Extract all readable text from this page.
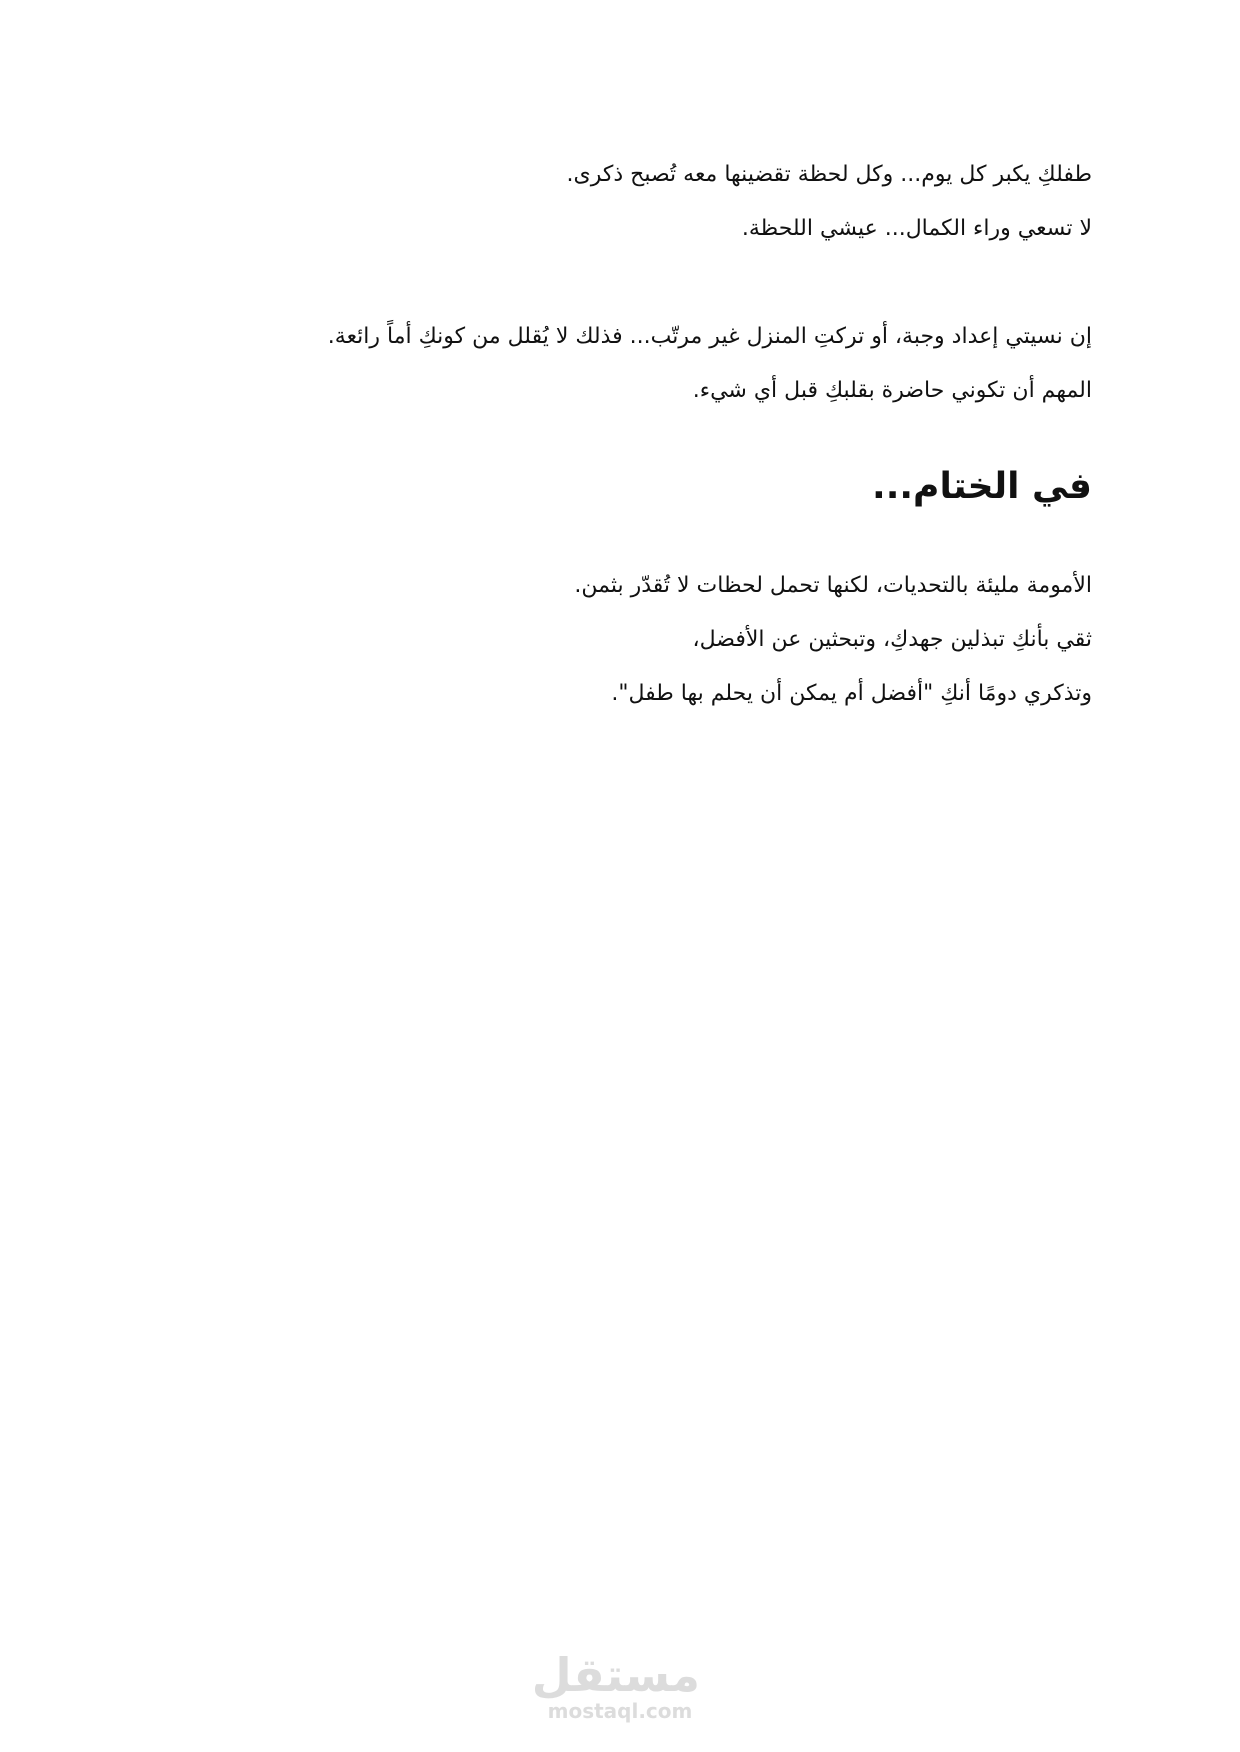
طفلكِ يكبر كل يوم... وكل لحظة تقضينها معه تُصبح ذكرى.

لا تسعي وراء الكمال... عيشي اللحظة.

إن نسيتي إعداد وجبة، أو تركتِ المنزل غير مرتّب... فذلك لا يُقلل من كونكِ أماً رائعة.

المهم أن تكوني حاضرة بقلبكِ قبل أي شيء.

في الختام...

الأمومة مليئة بالتحديات، لكنها تحمل لحظات لا تُقدّر بثمن.

ثقي بأنكِ تبذلين جهدكِ، وتبحثين عن الأفضل،

وتذكري دومًا أنكِ "أفضل أم يمكن أن يحلم بها طفل".

مستقل
mostaql.com
